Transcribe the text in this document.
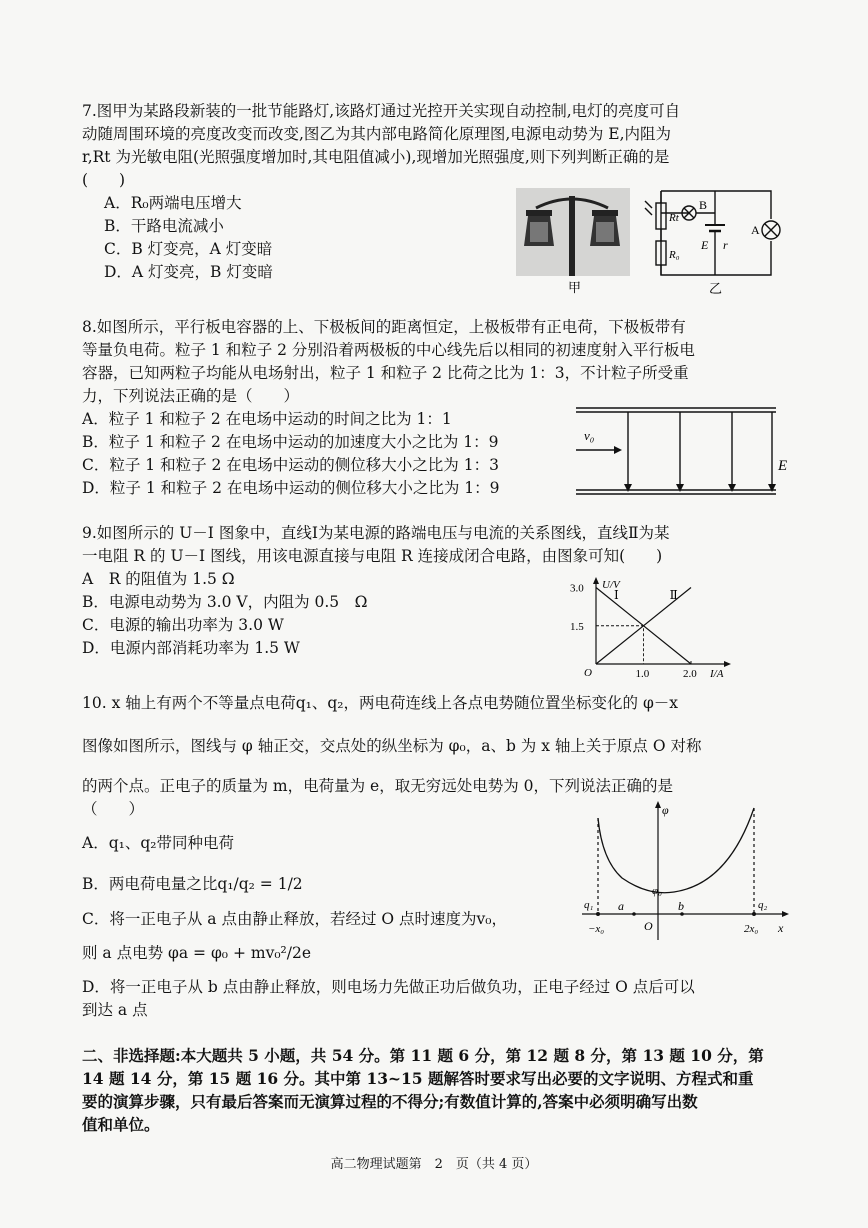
7.图甲为某路段新装的一批节能路灯,该路灯通过光控开关实现自动控制,电灯的亮度可自
动随周围环境的亮度改变而改变,图乙为其内部电路简化原理图,电源电动势为 E,内阻为
r,Rt 为光敏电阻(光照强度增加时,其电阻值减小),现增加光照强度,则下列判断正确的是
(　　)
A．R₀两端电压增大
B．干路电流减小
C．B 灯变亮，A 灯变暗
D．A 灯变亮，B 灯变暗
甲
Rt
R₀
B
A
E r
乙
8.如图所示，平行板电容器的上、下极板间的距离恒定，上极板带有正电荷，下极板带有
等量负电荷。粒子 1 和粒子 2 分别沿着两极板的中心线先后以相同的初速度射入平行板电
容器，已知两粒子均能从电场射出，粒子 1 和粒子 2 比荷之比为 1：3，不计粒子所受重
力，下列说法正确的是（　　）
A．粒子 1 和粒子 2 在电场中运动的时间之比为 1：1
B．粒子 1 和粒子 2 在电场中运动的加速度大小之比为 1：9
C．粒子 1 和粒子 2 在电场中运动的侧位移大小之比为 1：3
D．粒子 1 和粒子 2 在电场中运动的侧位移大小之比为 1：9
v₀
E
9.如图所示的 U－I 图象中，直线Ⅰ为某电源的路端电压与电流的关系图线，直线Ⅱ为某
一电阻 R 的 U－I 图线，用该电源直接与电阻 R 连接成闭合电路，由图象可知(　　)
A　R 的阻值为 1.5 Ω
B．电源电动势为 3.0 V，内阻为 0.5　Ω
C．电源的输出功率为 3.0 W
D．电源内部消耗功率为 1.5 W
Ⅰ	Ⅱ
3.0
1.5
1.0	2.0
U/V
I/A
O
10. x 轴上有两个不等量点电荷q₁、q₂，两电荷连线上各点电势随位置坐标变化的 φ－x
图像如图所示，图线与 φ 轴正交，交点处的纵坐标为 φ₀，a、b 为 x 轴上关于原点 O 对称
的两个点。正电子的质量为 m，电荷量为 e，取无穷远处电势为 0，下列说法正确的是
（　　）
A．q₁、q₂带同种电荷
B．两电荷电量之比q₁/q₂ = 1/2
C．将一正电子从 a 点由静止释放，若经过 O 点时速度为v₀，
则 a 点电势 φa = φ₀ + mv₀²/2e
D．将一正电子从 b 点由静止释放，则电场力先做正功后做负功，正电子经过 O 点后可以
到达 a 点
φ
x
φ₀
q₁	q₂
a	b
O
−x₀	2x₀
二、非选择题:本大题共 5 小题，共 54 分。第 11 题 6 分，第 12 题 8 分，第 13 题 10 分，第
14 题 14 分，第 15 题 16 分。其中第 13~15 题解答时要求写出必要的文字说明、方程式和重
要的演算步骤，只有最后答案而无演算过程的不得分;有数值计算的,答案中必须明确写出数
值和单位。
高二物理试题第　2　页（共 4 页）
